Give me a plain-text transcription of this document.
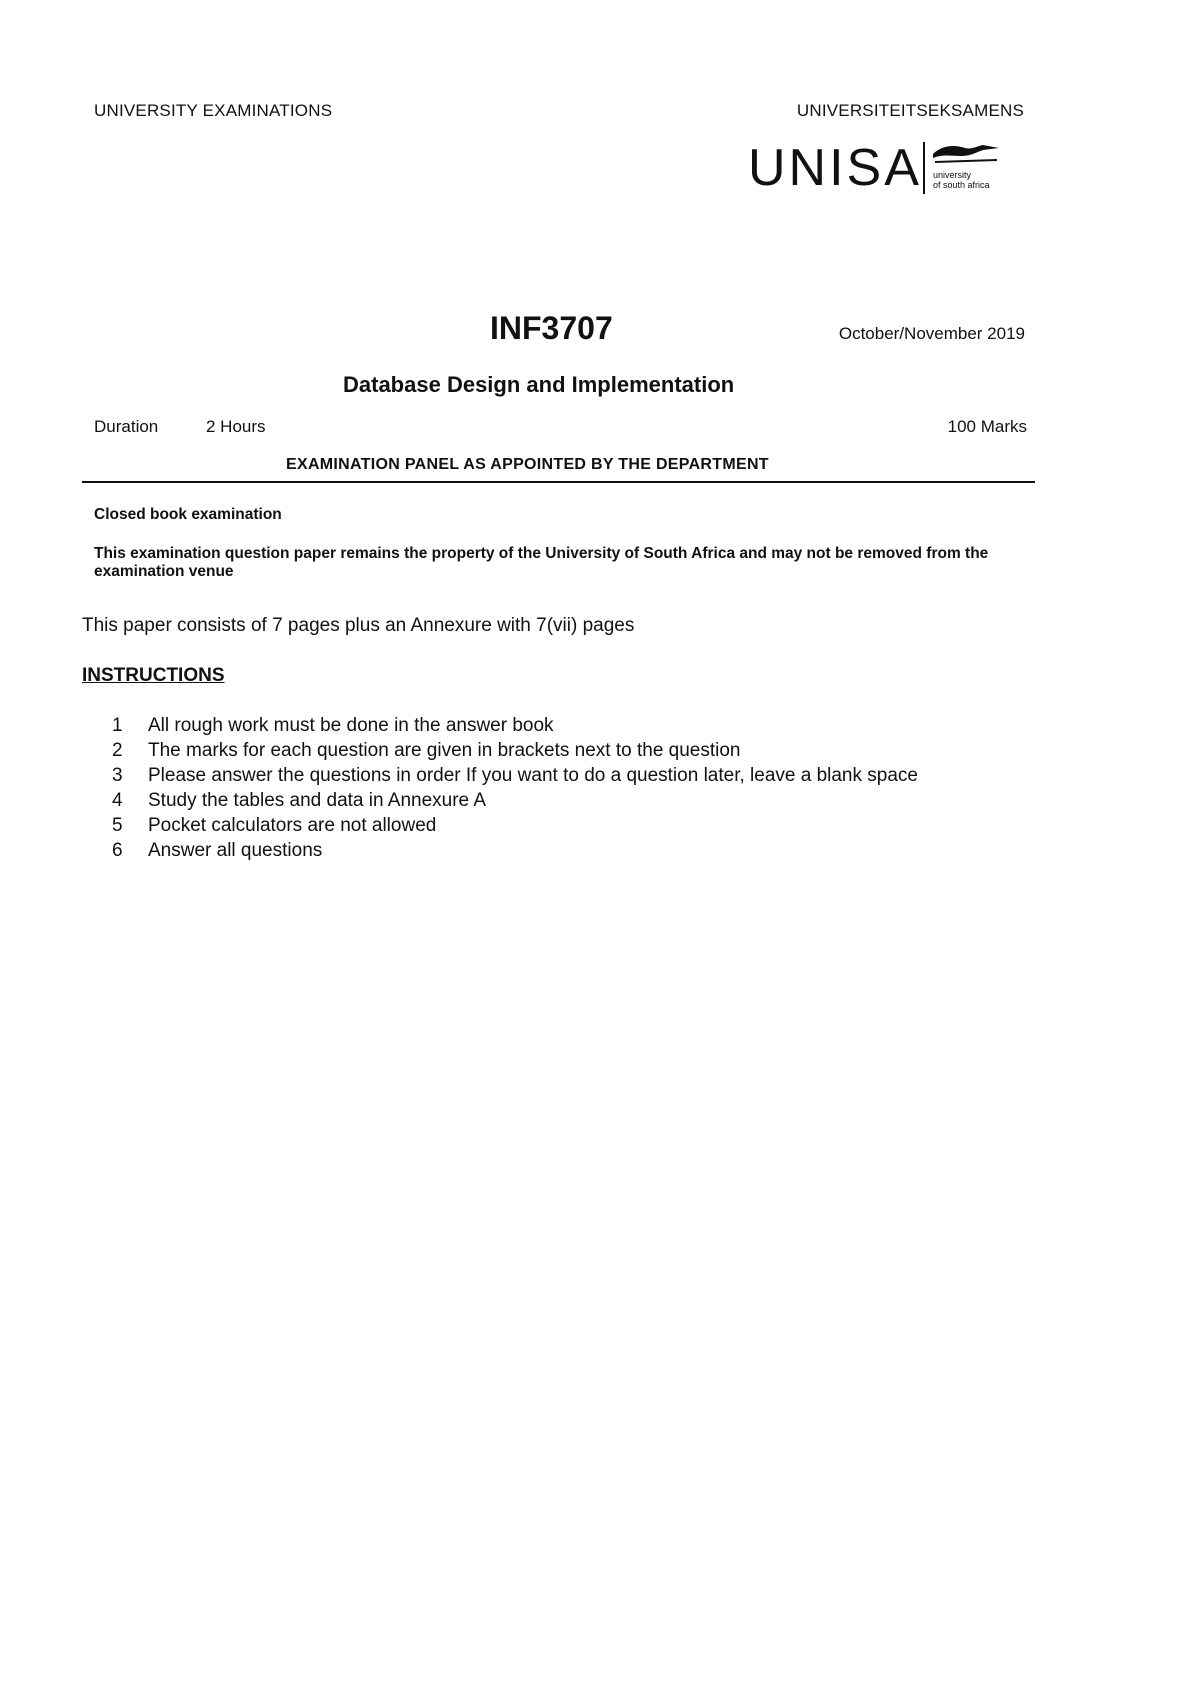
UNIVERSITY EXAMINATIONS	UNIVERSITEITSEKSAMENS
UNISA university
of south africa
INF3707	October/November 2019
Database Design and Implementation
Duration	2 Hours	100 Marks
EXAMINATION PANEL AS APPOINTED BY THE DEPARTMENT
Closed book examination
This examination question paper remains the property of the University of South Africa and may not be removed from the examination venue
This paper consists of 7 pages plus an Annexure with 7(vii) pages
INSTRUCTIONS
1	All rough work must be done in the answer book
2	The marks for each question are given in brackets next to the question
3	Please answer the questions in order If you want to do a question later, leave a blank space
4	Study the tables and data in Annexure A
5	Pocket calculators are not allowed
6	Answer all questions
